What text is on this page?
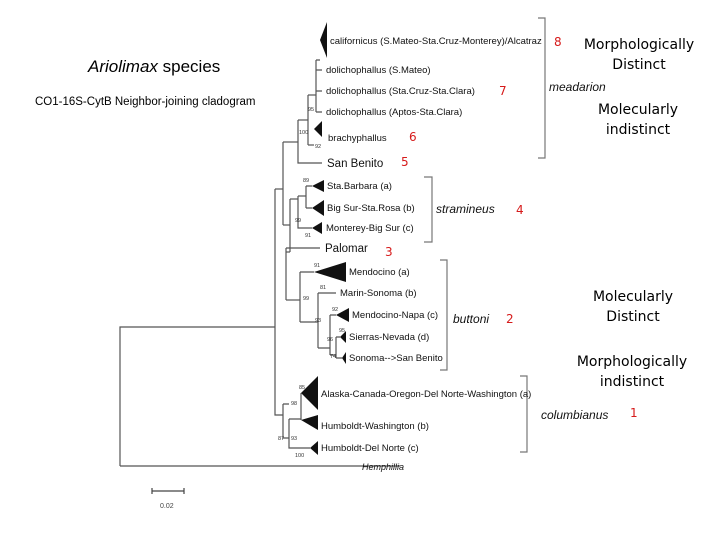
Ariolimax species
CO1-16S-CytB Neighbor-joining cladogram
californicus (S.Mateo-Sta.Cruz-Monterey)/Alcatraz
dolichophallus (S.Mateo)
dolichophallus (Sta.Cruz-Sta.Clara)
dolichophallus (Aptos-Sta.Clara)
brachyphallus
San Benito
Sta.Barbara (a)
Big Sur-Sta.Rosa (b)
Monterey-Big Sur (c)
Palomar
Mendocino (a)
Marin-Sonoma (b)
Mendocino-Napa (c)
Sierras-Nevada (d)
Sonoma-->San Benito
Alaska-Canada-Oregon-Del Norte-Washington (a)
Humboldt-Washington (b)
Humboldt-Del Norte (c)
Hemphillia
95
100
92
89
99
91
91
81
99
92
93
95
96
74
85
98
87 93
100
0.02
meadarion
stramineus
buttoni
columbianus
8
7
6
5
4
3
2
1
Morphologically Distinct
Molecularly indistinct
Molecularly Distinct
Morphologically indistinct
